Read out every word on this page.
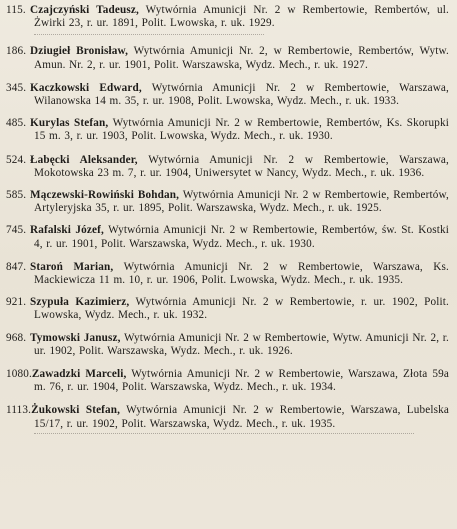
115. Czajczyński Tadeusz, Wytwórnia Amunicji Nr. 2 w Rembertowie, Rembertów, ul. Żwirki 23, r. ur. 1891, Polit. Lwowska, r. uk. 1929.

186. Dziugieł Bronisław, Wytwórnia Amunicji Nr. 2, w Rembertowie, Rembertów, Wytw. Amun. Nr. 2, r. ur. 1901, Polit. Warszawska, Wydz. Mech., r. uk. 1927.

345. Kaczkowski Edward, Wytwórnia Amunicji Nr. 2 w Rembertowie, Warszawa, Wilanowska 14 m. 35, r. ur. 1908, Polit. Lwowska, Wydz. Mech., r. uk. 1933.

485. Kurylas Stefan, Wytwórnia Amunicji Nr. 2 w Rembertowie, Rembertów, Ks. Skorupki 15 m. 3, r. ur. 1903, Polit. Lwowska, Wydz. Mech., r. uk. 1930.

524. Łabęcki Aleksander, Wytwórnia Amunicji Nr. 2 w Rembertowie, Warszawa, Mokotowska 23 m. 7, r. ur. 1904, Uniwersytet w Nancy, Wydz. Mech., r. uk. 1936.

585. Mączewski-Rowiński Bohdan, Wytwórnia Amunicji Nr. 2 w Rembertowie, Rembertów, Artyleryjska 35, r. ur. 1895, Polit. Warszawska, Wydz. Mech., r. uk. 1925.

745. Rafalski Józef, Wytwórnia Amunicji Nr. 2 w Rembertowie, Rembertów, św. St. Kostki 4, r. ur. 1901, Polit. Warszawska, Wydz. Mech., r. uk. 1930.

847. Staroń Marian, Wytwórnia Amunicji Nr. 2 w Rembertowie, Warszawa, Ks. Mackiewicza 11 m. 10, r. ur. 1906, Polit. Lwowska, Wydz. Mech., r. uk. 1935.

921. Szypuła Kazimierz, Wytwórnia Amunicji Nr. 2 w Rembertowie, r. ur. 1902, Polit. Lwowska, Wydz. Mech., r. uk. 1932.

968. Tymowski Janusz, Wytwórnia Amunicji Nr. 2 w Rembertowie, Wytw. Amunicji Nr. 2, r. ur. 1902, Polit. Warszawska, Wydz. Mech., r. uk. 1926.

1080.Zawadzki Marceli, Wytwórnia Amunicji Nr. 2 w Rembertowie, Warszawa, Złota 59a m. 76, r. ur. 1904, Polit. Warszawska, Wydz. Mech., r. uk. 1934.

1113.Żukowski Stefan, Wytwórnia Amunicji Nr. 2 w Rembertowie, Warszawa, Lubelska 15/17, r. ur. 1902, Polit. Warszawska, Wydz. Mech., r. uk. 1935.
